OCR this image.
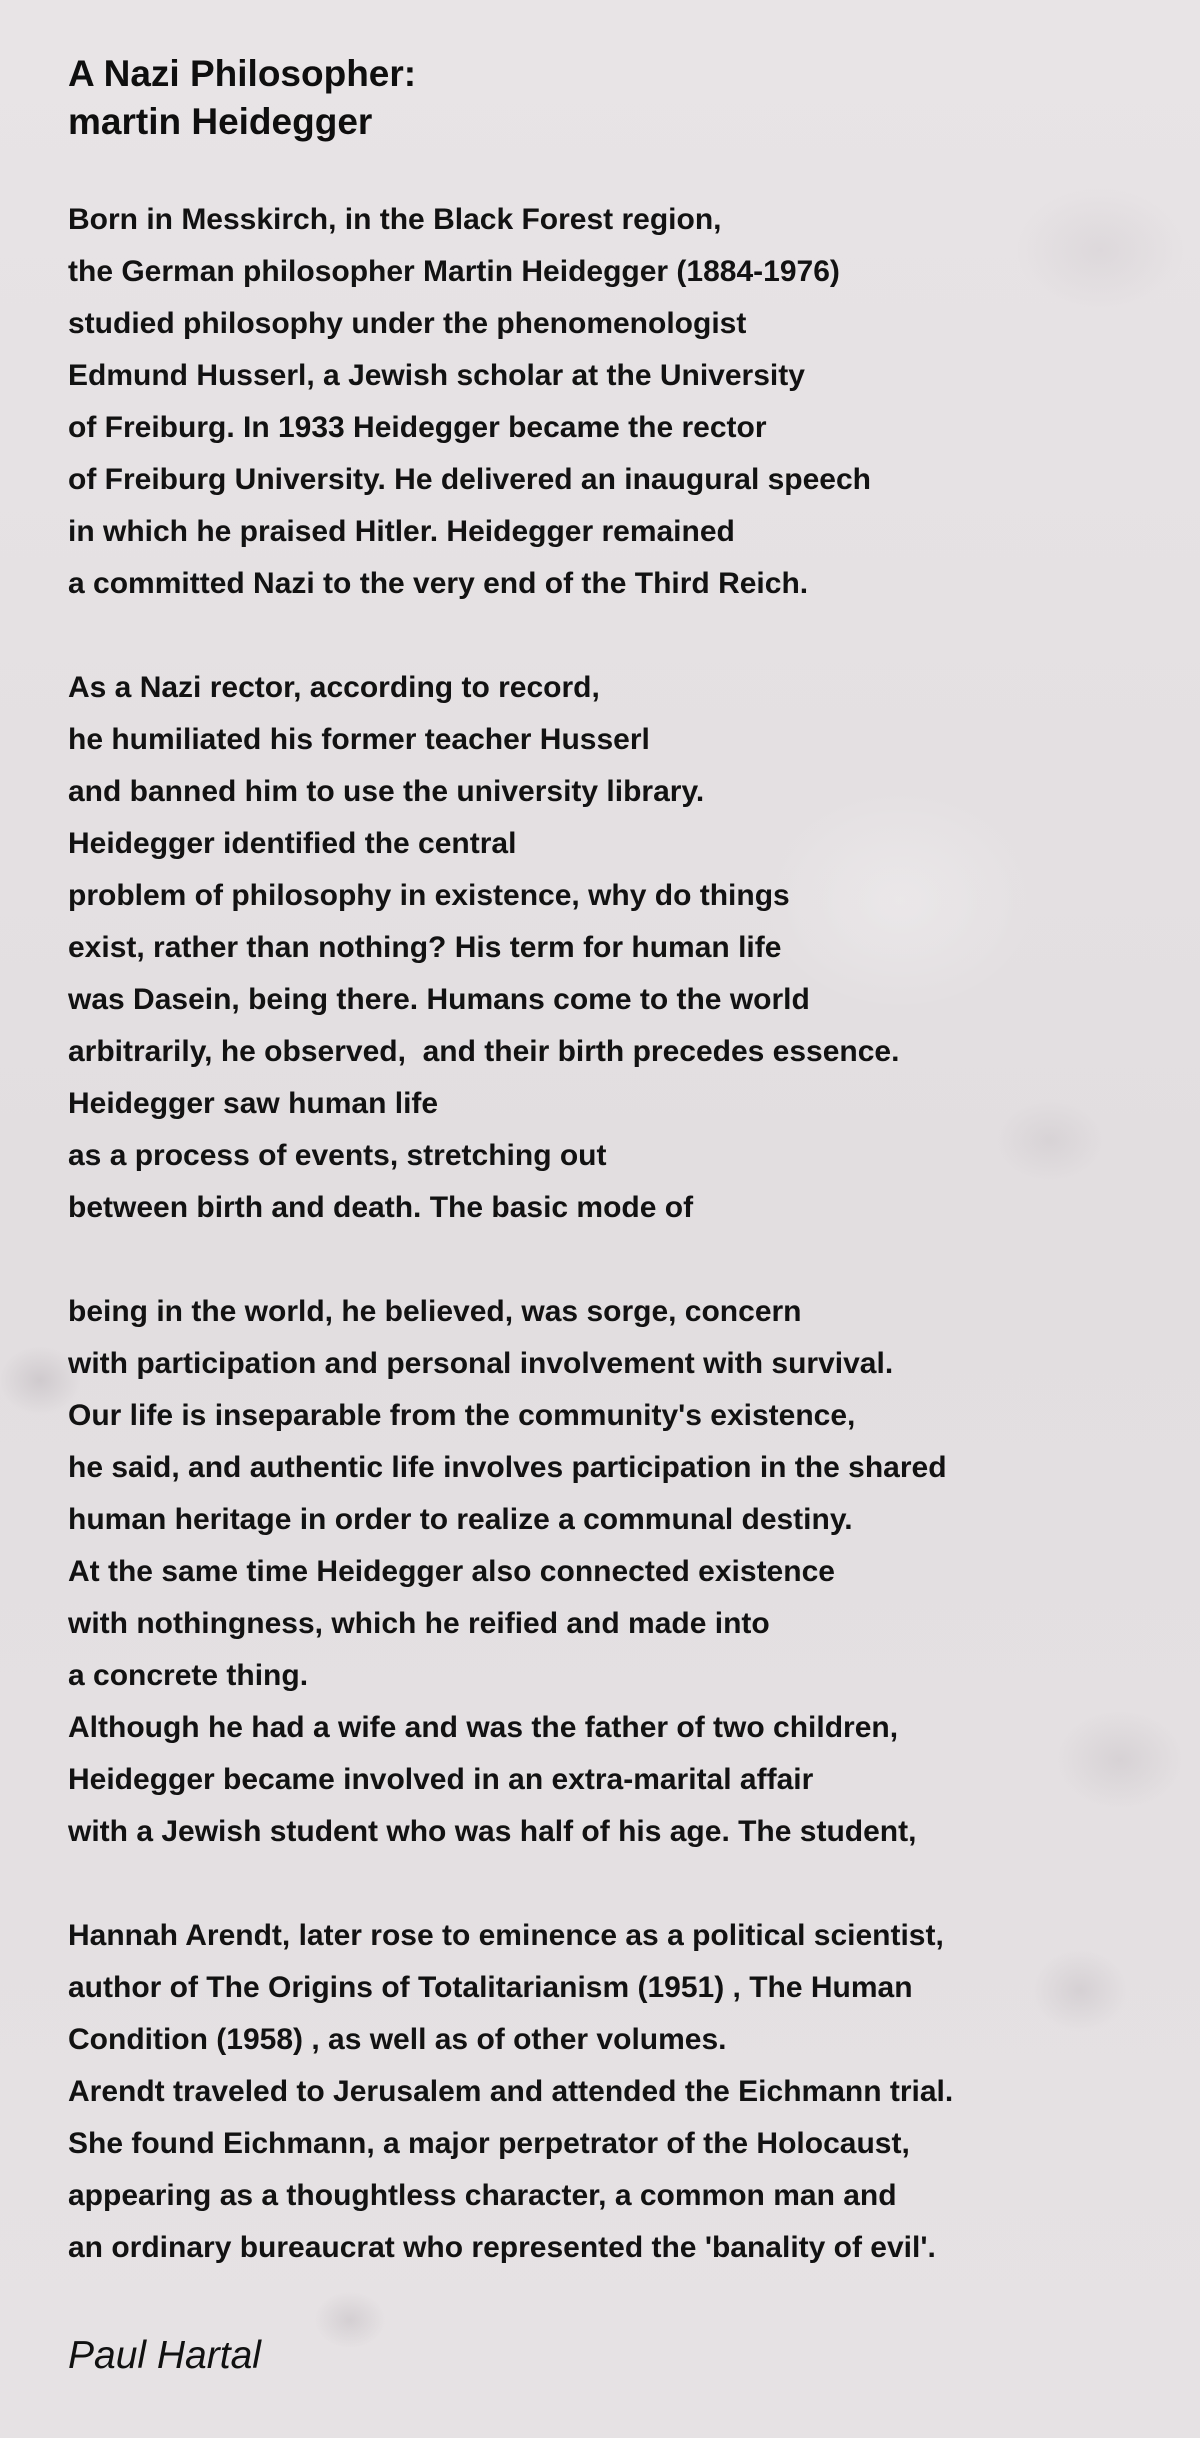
A Nazi Philosopher:
martin Heidegger
Born in Messkirch, in the Black Forest region,
the German philosopher Martin Heidegger (1884-1976)
studied philosophy under the phenomenologist
Edmund Husserl, a Jewish scholar at the University
of Freiburg. In 1933 Heidegger became the rector
of Freiburg University. He delivered an inaugural speech
in which he praised Hitler. Heidegger remained
a committed Nazi to the very end of the Third Reich.
As a Nazi rector, according to record,
he humiliated his former teacher Husserl
and banned him to use the university library.
Heidegger identified the central
problem of philosophy in existence, why do things
exist, rather than nothing? His term for human life
was Dasein, being there. Humans come to the world
arbitrarily, he observed,  and their birth precedes essence.
Heidegger saw human life
as a process of events, stretching out
between birth and death. The basic mode of
being in the world, he believed, was sorge, concern
with participation and personal involvement with survival.
Our life is inseparable from the community's existence,
he said, and authentic life involves participation in the shared
human heritage in order to realize a communal destiny.
At the same time Heidegger also connected existence
with nothingness, which he reified and made into
a concrete thing.
Although he had a wife and was the father of two children,
Heidegger became involved in an extra-marital affair
with a Jewish student who was half of his age. The student,
Hannah Arendt, later rose to eminence as a political scientist,
author of The Origins of Totalitarianism (1951) , The Human
Condition (1958) , as well as of other volumes.
Arendt traveled to Jerusalem and attended the Eichmann trial.
She found Eichmann, a major perpetrator of the Holocaust,
appearing as a thoughtless character, a common man and
an ordinary bureaucrat who represented the 'banality of evil'.
Paul Hartal
